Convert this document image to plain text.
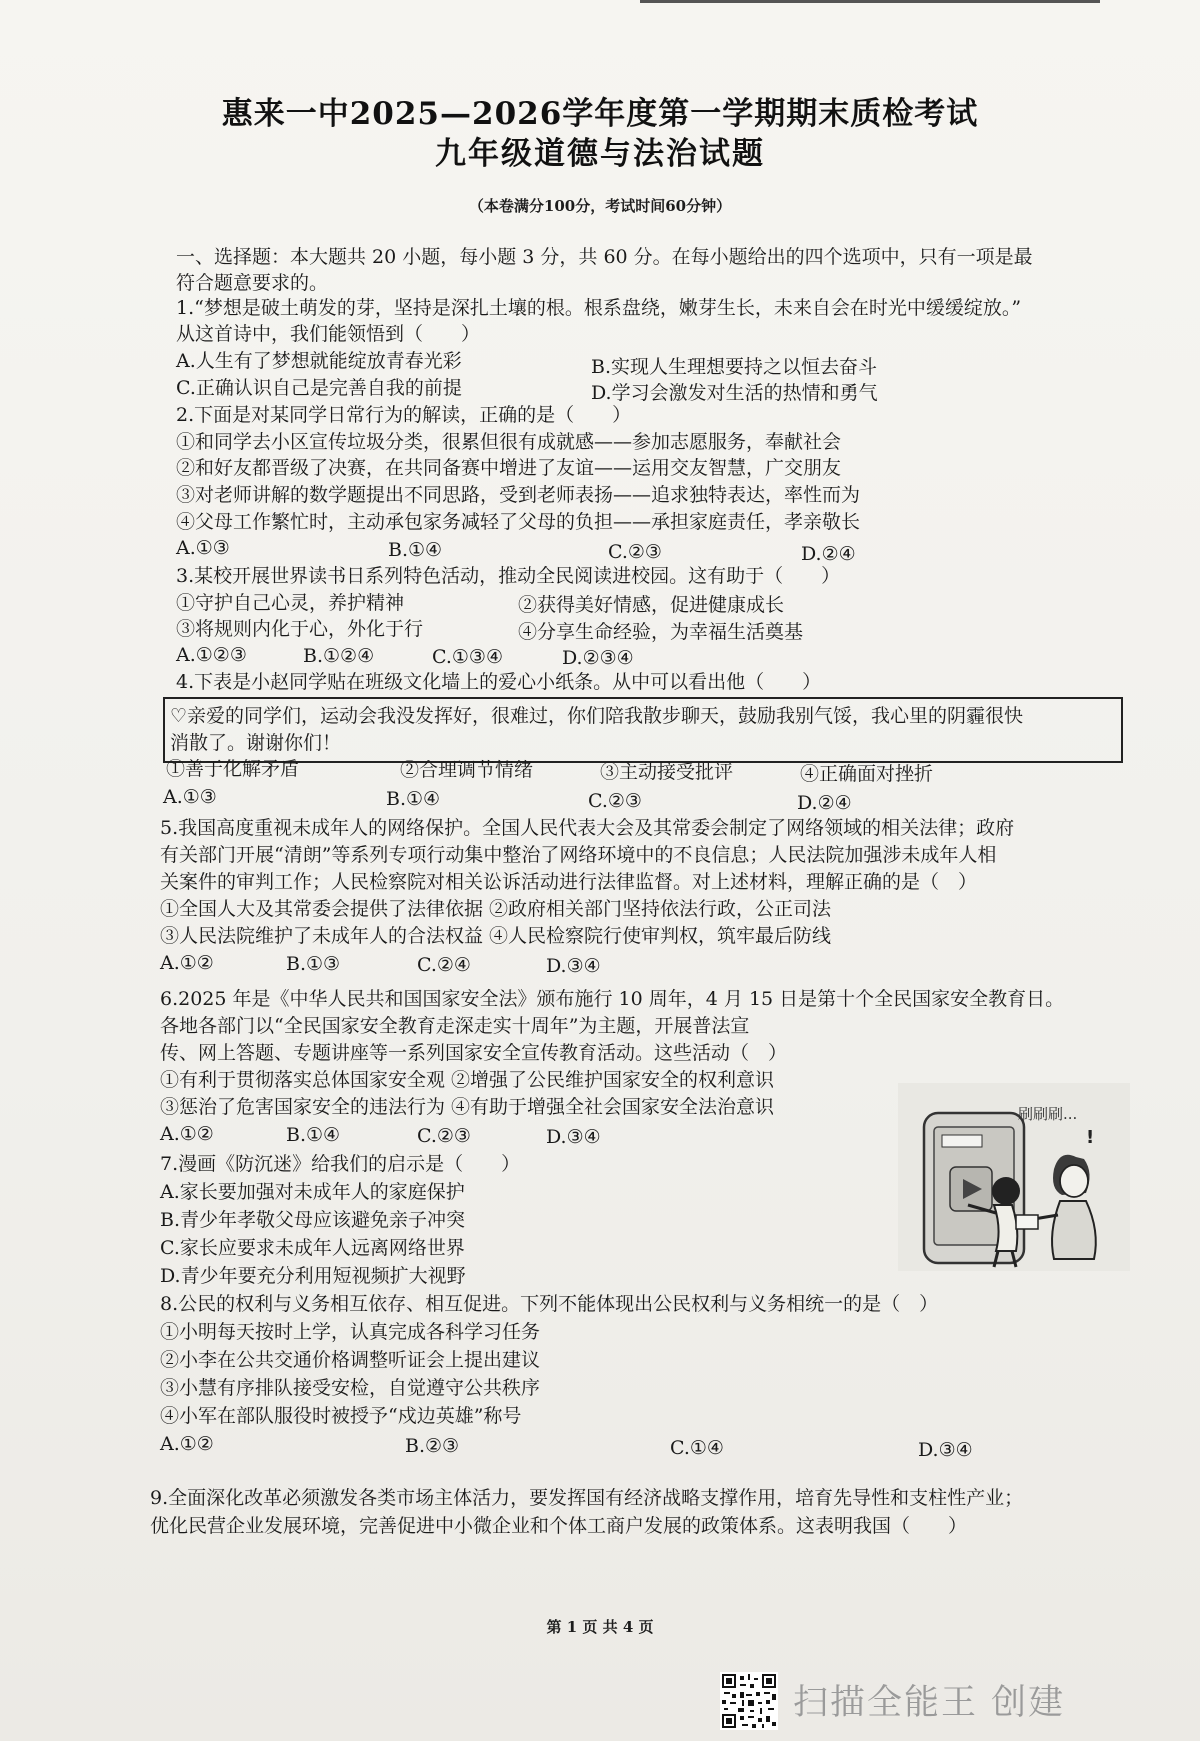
惠来一中2025—2026学年度第一学期期末质检考试
九年级道德与法治试题
（本卷满分100分，考试时间60分钟）
一、选择题：本大题共 20 小题，每小题 3 分，共 60 分。在每小题给出的四个选项中，只有一项是最
符合题意要求的。
1.“梦想是破土萌发的芽，坚持是深扎土壤的根。根系盘绕，嫩芽生长，未来自会在时光中缓缓绽放。”
从这首诗中，我们能领悟到（　　）
A.人生有了梦想就能绽放青春光彩	B.实现人生理想要持之以恒去奋斗
C.正确认识自己是完善自我的前提	D.学习会激发对生活的热情和勇气
2.下面是对某同学日常行为的解读，正确的是（　　）
①和同学去小区宣传垃圾分类，很累但很有成就感——参加志愿服务，奉献社会
②和好友都晋级了决赛，在共同备赛中增进了友谊——运用交友智慧，广交朋友
③对老师讲解的数学题提出不同思路，受到老师表扬——追求独特表达，率性而为
④父母工作繁忙时，主动承包家务减轻了父母的负担——承担家庭责任，孝亲敬长
A.①③	B.①④	C.②③	D.②④
3.某校开展世界读书日系列特色活动，推动全民阅读进校园。这有助于（　　）
①守护自己心灵，养护精神	②获得美好情感，促进健康成长
③将规则内化于心，外化于行	④分享生命经验，为幸福生活奠基
A.①②③	B.①②④	C.①③④	D.②③④
4.下表是小赵同学贴在班级文化墙上的爱心小纸条。从中可以看出他（　　）
♡亲爱的同学们，运动会我没发挥好，很难过，你们陪我散步聊天，鼓励我别气馁，我心里的阴霾很快
消散了。谢谢你们！
①善于化解矛盾	②合理调节情绪	③主动接受批评	④正确面对挫折
A.①③	B.①④	C.②③	D.②④
5.我国高度重视未成年人的网络保护。全国人民代表大会及其常委会制定了网络领域的相关法律；政府
有关部门开展“清朗”等系列专项行动集中整治了网络环境中的不良信息；人民法院加强涉未成年人相
关案件的审判工作；人民检察院对相关讼诉活动进行法律监督。对上述材料，理解正确的是（　）
①全国人大及其常委会提供了法律依据 ②政府相关部门坚持依法行政，公正司法
③人民法院维护了未成年人的合法权益 ④人民检察院行使审判权，筑牢最后防线
A.①②	B.①③	C.②④	D.③④
6.2025 年是《中华人民共和国国家安全法》颁布施行 10 周年，4 月 15 日是第十个全民国家安全教育日。
各地各部门以“全民国家安全教育走深走实十周年”为主题，开展普法宣
传、网上答题、专题讲座等一系列国家安全宣传教育活动。这些活动（　）
①有利于贯彻落实总体国家安全观 ②增强了公民维护国家安全的权利意识
③惩治了危害国家安全的违法行为 ④有助于增强全社会国家安全法治意识
A.①②	B.①④	C.②③	D.③④
7.漫画《防沉迷》给我们的启示是（　　）
A.家长要加强对未成年人的家庭保护
B.青少年孝敬父母应该避免亲子冲突
C.家长应要求未成年人远离网络世界
D.青少年要充分利用短视频扩大视野
刷刷刷...
!
8.公民的权利与义务相互依存、相互促进。下列不能体现出公民权利与义务相统一的是（　）
①小明每天按时上学，认真完成各科学习任务
②小李在公共交通价格调整听证会上提出建议
③小慧有序排队接受安检，自觉遵守公共秩序
④小军在部队服役时被授予“戍边英雄”称号
A.①②	B.②③	C.①④	D.③④
9.全面深化改革必须激发各类市场主体活力，要发挥国有经济战略支撑作用，培育先导性和支柱性产业；
优化民营企业发展环境，完善促进中小微企业和个体工商户发展的政策体系。这表明我国（　　）
第 1 页 共 4 页
扫描全能王 创建
